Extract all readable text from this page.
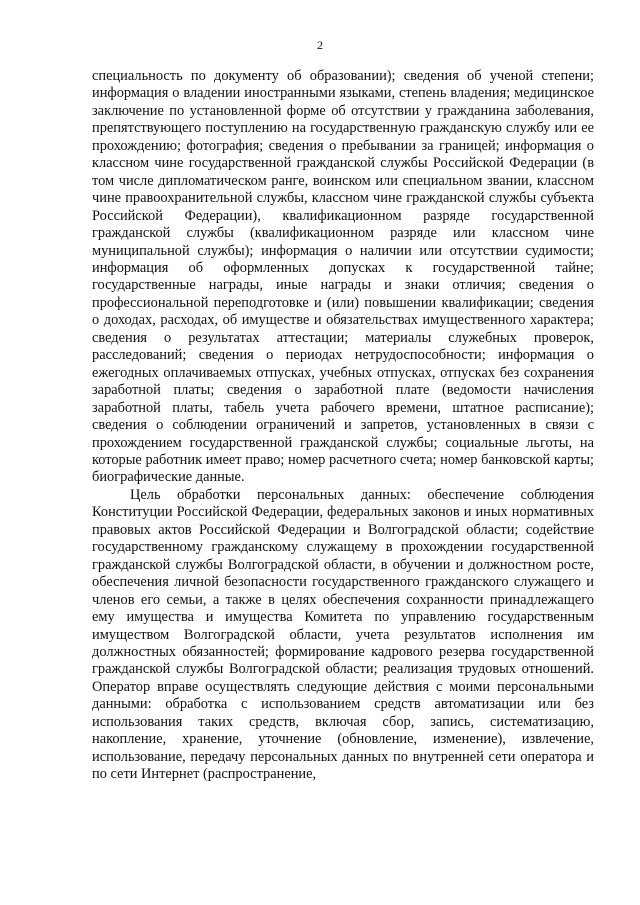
2

специальность по документу об образовании); сведения об ученой степени; информация о владении иностранными языками, степень владения; медицинское заключение по установленной форме об отсутствии у гражданина заболевания, препятствующего поступлению на государственную гражданскую службу или ее прохождению; фотография; сведения о пребывании за границей; информация о классном чине государственной гражданской службы Российской Федерации (в том числе дипломатическом ранге, воинском или специальном звании, классном чине правоохранительной службы, классном чине гражданской службы субъекта Российской Федерации), квалификационном разряде государственной гражданской службы (квалификационном разряде или классном чине муниципальной службы); информация о наличии или отсутствии судимости; информация об оформленных допусках к государственной тайне; государственные награды, иные награды и знаки отличия; сведения о профессиональной переподготовке и (или) повышении квалификации; сведения о доходах, расходах, об имуществе и обязательствах имущественного характера; сведения о результатах аттестации; материалы служебных проверок, расследований; сведения о периодах нетрудоспособности; информация о ежегодных оплачиваемых отпусках, учебных отпусках, отпусках без сохранения заработной платы; сведения о заработной плате (ведомости начисления заработной платы, табель учета рабочего времени, штатное расписание); сведения о соблюдении ограничений и запретов, установленных в связи с прохождением государственной гражданской службы; социальные льготы, на которые работник имеет право; номер расчетного счета; номер банковской карты; биографические данные.

Цель обработки персональных данных: обеспечение соблюдения Конституции Российской Федерации, федеральных законов и иных нормативных правовых актов Российской Федерации и Волгоградской области; содействие государственному гражданскому служащему в прохождении государственной гражданской службы Волгоградской области, в обучении и должностном росте, обеспечения личной безопасности государственного гражданского служащего и членов его семьи, а также в целях обеспечения сохранности принадлежащего ему имущества и имущества Комитета по управлению государственным имуществом Волгоградской области, учета результатов исполнения им должностных обязанностей; формирование кадрового резерва государственной гражданской службы Волгоградской области; реализация трудовых отношений. Оператор вправе осуществлять следующие действия с моими персональными данными: обработка с использованием средств автоматизации или без использования таких средств, включая сбор, запись, систематизацию, накопление, хранение, уточнение (обновление, изменение), извлечение, использование, передачу персональных данных по внутренней сети оператора и по сети Интернет (распространение,
